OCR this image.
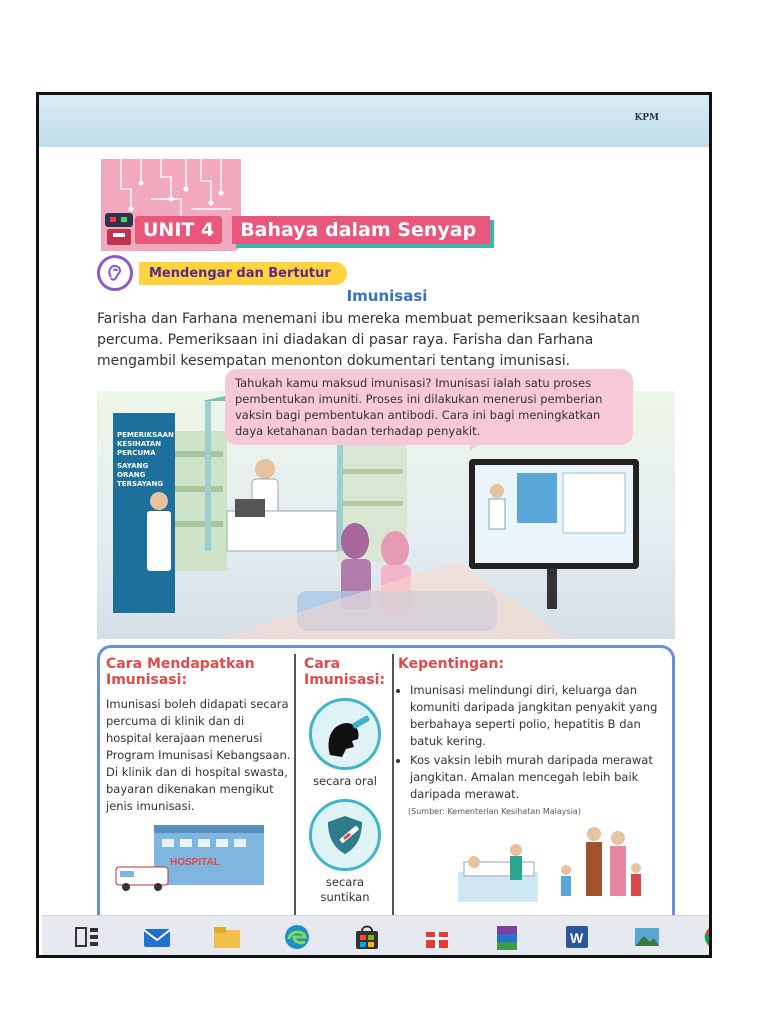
KPM
UNIT 4	Bahaya dalam Senyap
Mendengar dan Bertutur
Imunisasi

Farisha dan Farhana menemani ibu mereka membuat pemeriksaan kesihatan percuma. Pemeriksaan ini diadakan di pasar raya. Farisha dan Farhana mengambil kesempatan menonton dokumentari tentang imunisasi.

PEMERIKSAAN
KESIHATAN
PERCUMA
SAYANG
ORANG
TERSAYANG
Tahukah kamu maksud imunisasi? Imunisasi ialah satu proses pembentukan imuniti. Proses ini dilakukan menerusi pemberian vaksin bagi pembentukan antibodi. Cara ini bagi meningkatkan daya ketahanan badan terhadap penyakit.
Cara Mendapatkan Imunisasi:
Imunisasi boleh didapati secara percuma di klinik dan di hospital kerajaan menerusi Program Imunisasi Kebangsaan. Di klinik dan di hospital swasta, bayaran dikenakan mengikut jenis imunisasi.
HOSPITAL
Cara Imunisasi:
secara oral
secara suntikan
Kepentingan:
• Imunisasi melindungi diri, keluarga dan komuniti daripada jangkitan penyakit yang berbahaya seperti polio, hepatitis B dan batuk kering.
• Kos vaksin lebih murah daripada merawat jangkitan. Amalan mencegah lebih baik daripada merawat.
(Sumber: Kementerian Kesihatan Malaysia)
W
